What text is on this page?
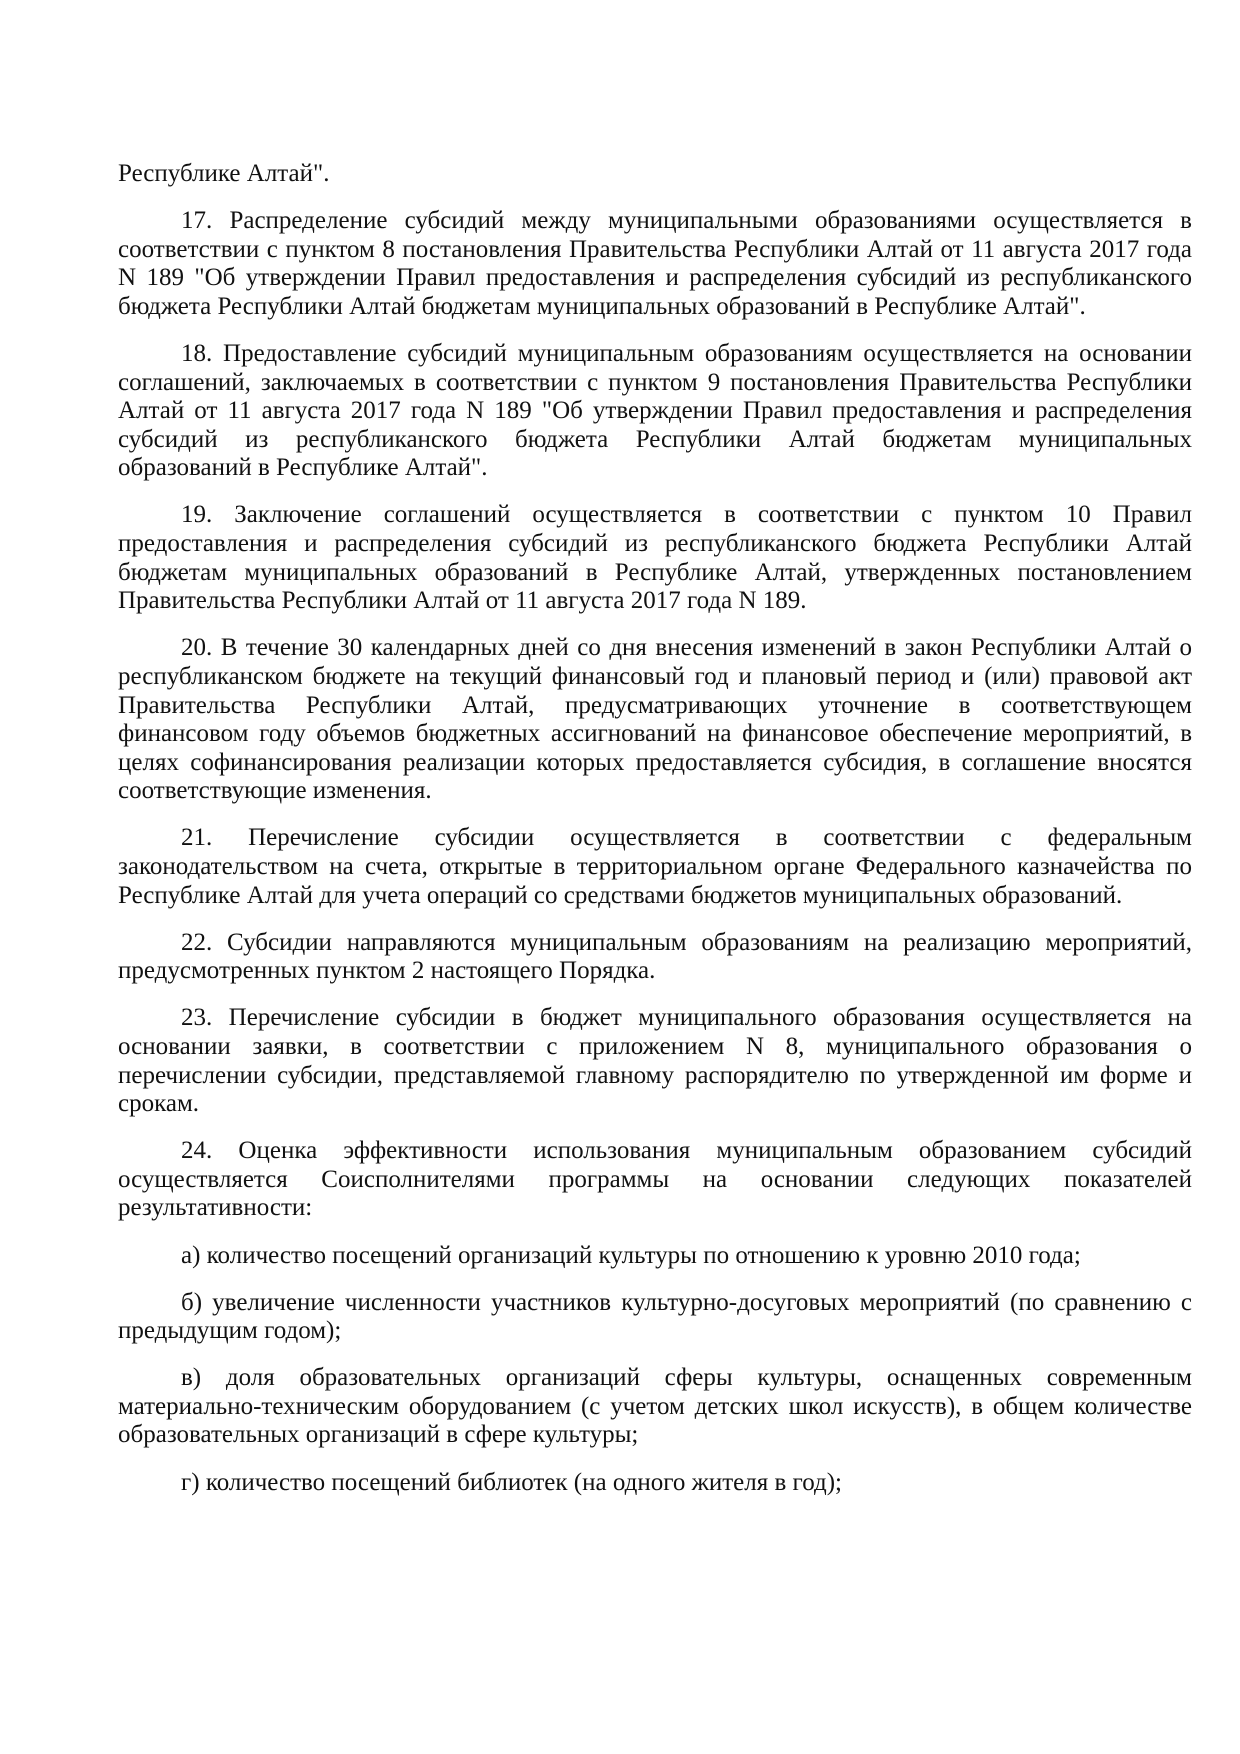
Республике Алтай".
17. Распределение субсидий между муниципальными образованиями осуществляется в
соответствии с пунктом 8 постановления Правительства Республики Алтай от 11 августа 2017 года
N 189 "Об утверждении Правил предоставления и распределения субсидий из республиканского
бюджета Республики Алтай бюджетам муниципальных образований в Республике Алтай".
18. Предоставление субсидий муниципальным образованиям осуществляется на основании
соглашений, заключаемых в соответствии с пунктом 9 постановления Правительства Республики
Алтай от 11 августа 2017 года N 189 "Об утверждении Правил предоставления и распределения
субсидий из республиканского бюджета Республики Алтай бюджетам муниципальных
образований в Республике Алтай".
19. Заключение соглашений осуществляется в соответствии с пунктом 10 Правил
предоставления и распределения субсидий из республиканского бюджета Республики Алтай
бюджетам муниципальных образований в Республике Алтай, утвержденных постановлением
Правительства Республики Алтай от 11 августа 2017 года N 189.
20. В течение 30 календарных дней со дня внесения изменений в закон Республики Алтай о
республиканском бюджете на текущий финансовый год и плановый период и (или) правовой акт
Правительства Республики Алтай, предусматривающих уточнение в соответствующем
финансовом году объемов бюджетных ассигнований на финансовое обеспечение мероприятий, в
целях софинансирования реализации которых предоставляется субсидия, в соглашение вносятся
соответствующие изменения.
21. Перечисление субсидии осуществляется в соответствии с федеральным
законодательством на счета, открытые в территориальном органе Федерального казначейства по
Республике Алтай для учета операций со средствами бюджетов муниципальных образований.
22. Субсидии направляются муниципальным образованиям на реализацию мероприятий,
предусмотренных пунктом 2 настоящего Порядка.
23. Перечисление субсидии в бюджет муниципального образования осуществляется на
основании заявки, в соответствии с приложением N 8, муниципального образования о
перечислении субсидии, представляемой главному распорядителю по утвержденной им форме и
срокам.
24. Оценка эффективности использования муниципальным образованием субсидий
осуществляется Соисполнителями программы на основании следующих показателей
результативности:
а) количество посещений организаций культуры по отношению к уровню 2010 года;
б) увеличение численности участников культурно-досуговых мероприятий (по сравнению с
предыдущим годом);
в) доля образовательных организаций сферы культуры, оснащенных современным
материально-техническим оборудованием (с учетом детских школ искусств), в общем количестве
образовательных организаций в сфере культуры;
г) количество посещений библиотек (на одного жителя в год);
